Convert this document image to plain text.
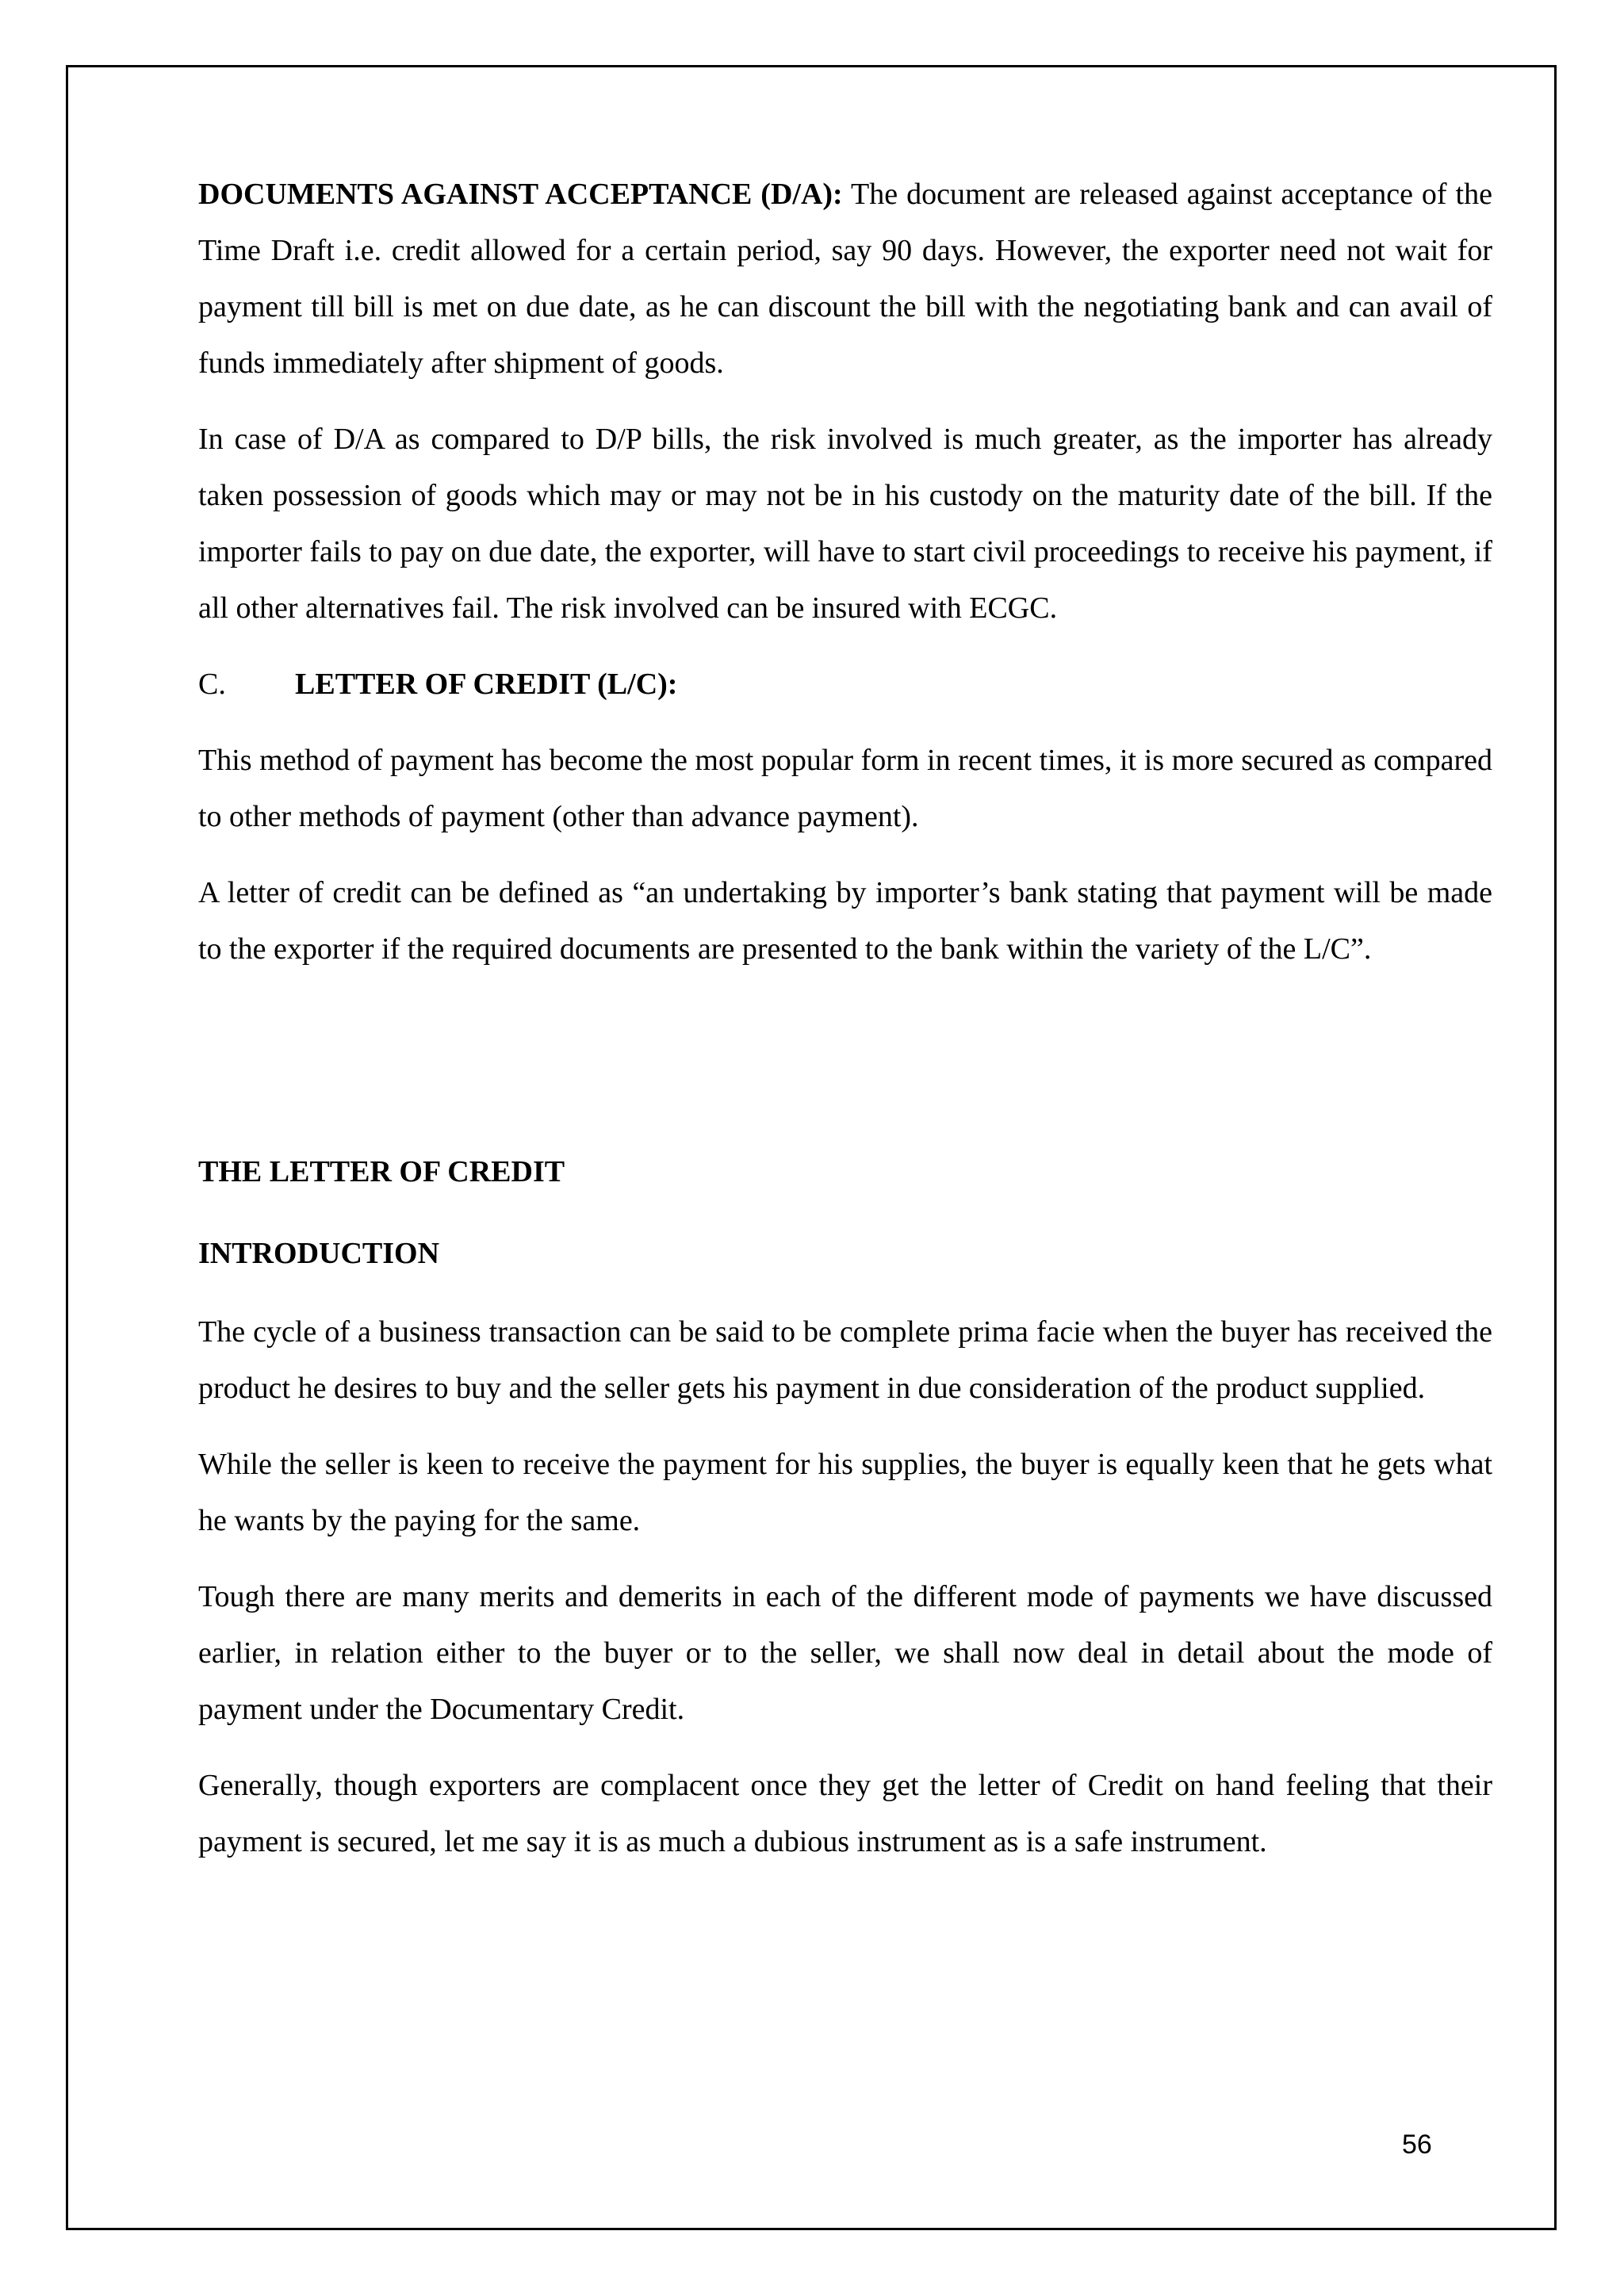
DOCUMENTS AGAINST ACCEPTANCE (D/A): The document are released against acceptance of the Time Draft i.e. credit allowed for a certain period, say 90 days. However, the exporter need not wait for payment till bill is met on due date, as he can discount the bill with the negotiating bank and can avail of funds immediately after shipment of goods.

In case of D/A as compared to D/P bills, the risk involved is much greater, as the importer has already taken possession of goods which may or may not be in his custody on the maturity date of the bill. If the importer fails to pay on due date, the exporter, will have to start civil proceedings to receive his payment, if all other alternatives fail. The risk involved can be insured with ECGC.

C.	LETTER OF CREDIT (L/C):

This method of payment has become the most popular form in recent times, it is more secured as compared to other methods of payment (other than advance payment).

A letter of credit can be defined as “an undertaking by importer’s bank stating that payment will be made to the exporter if the required documents are presented to the bank within the variety of the L/C”.

THE LETTER OF CREDIT

INTRODUCTION

The cycle of a business transaction can be said to be complete prima facie when the buyer has received the product he desires to buy and the seller gets his payment in due consideration of the product supplied.

While the seller is keen to receive the payment for his supplies, the buyer is equally keen that he gets what he wants by the paying for the same.

Tough there are many merits and demerits in each of the different mode of payments we have discussed earlier, in relation either to the buyer or to the seller, we shall now deal in detail about the mode of payment under the Documentary Credit.

Generally, though exporters are complacent once they get the letter of Credit on hand feeling that their payment is secured, let me say it is as much a dubious instrument as is a safe instrument.

56
